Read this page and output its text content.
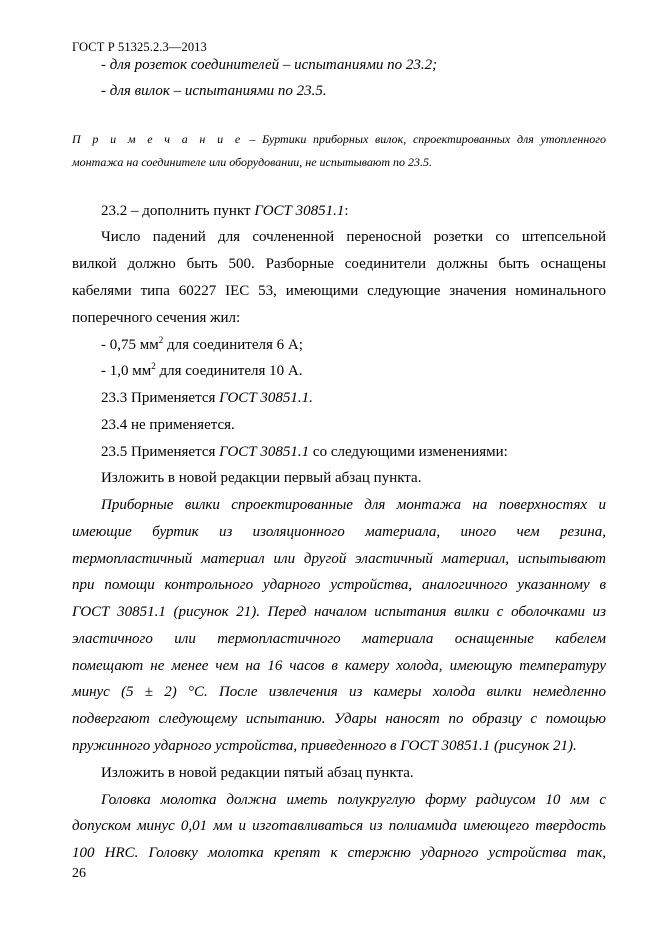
ГОСТ Р 51325.2.3—2013
- для розеток соединителей – испытаниями по 23.2;
- для вилок – испытаниями по 23.5.
П р и м е ч а н и е – Буртики приборных вилок, спроектированных для утопленного
монтажа на соединителе или оборудовании, не испытывают по 23.5.
23.2 – дополнить пункт ГОСТ 30851.1:
Число падений для сочлененной переносной розетки со штепсельной
вилкой должно быть 500. Разборные соединители должны быть оснащены
кабелями типа 60227 IEC 53, имеющими следующие значения номинального
поперечного сечения жил:
- 0,75 $мм^2$ для соединителя 6 А;
- 1,0 $мм^2$ для соединителя 10 А.
23.3 Применяется ГОСТ 30851.1.
23.4 не применяется.
23.5 Применяется ГОСТ 30851.1 со следующими изменениями:
Изложить в новой редакции первый абзац пункта.
Приборные вилки спроектированные для монтажа на поверхностях и
имеющие буртик из изоляционного материала, иного чем резина,
термопластичный материал или другой эластичный материал, испытывают
при помощи контрольного ударного устройства, аналогичного указанному в
ГОСТ 30851.1 (рисунок 21). Перед началом испытания вилки с оболочками из
эластичного или термопластичного материала оснащенные кабелем
помещают не менее чем на 16 часов в камеру холода, имеющую температуру
минус (5 ± 2) °С. После извлечения из камеры холода вилки немедленно
подвергают следующему испытанию. Удары наносят по образцу с помощью
пружинного ударного устройства, приведенного в ГОСТ 30851.1 (рисунок 21).
Изложить в новой редакции пятый абзац пункта.
Головка молотка должна иметь полукруглую форму радиусом 10 мм с
допуском минус 0,01 мм и изготавливаться из полиамида имеющего твердость
100 HRC. Головку молотка крепят к стержню ударного устройства так,
26
